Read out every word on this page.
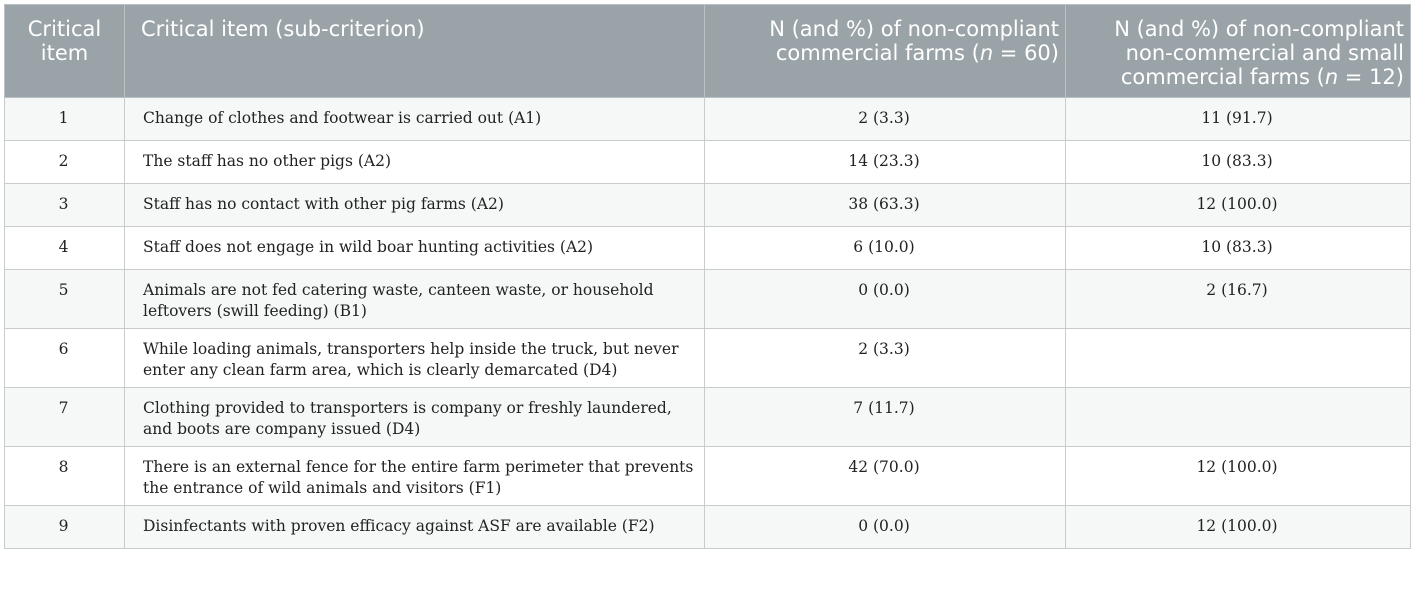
Critical item	Critical item (sub-criterion)	N (and %) of non-compliant commercial farms (n = 60)	N (and %) of non-compliant non-commercial and small commercial farms (n = 12)
1	Change of clothes and footwear is carried out (A1)	2 (3.3)	11 (91.7)
2	The staff has no other pigs (A2)	14 (23.3)	10 (83.3)
3	Staff has no contact with other pig farms (A2)	38 (63.3)	12 (100.0)
4	Staff does not engage in wild boar hunting activities (A2)	6 (10.0)	10 (83.3)
5	Animals are not fed catering waste, canteen waste, or household leftovers (swill feeding) (B1)	0 (0.0)	2 (16.7)
6	While loading animals, transporters help inside the truck, but never enter any clean farm area, which is clearly demarcated (D4)	2 (3.3)	
7	Clothing provided to transporters is company or freshly laundered, and boots are company issued (D4)	7 (11.7)	
8	There is an external fence for the entire farm perimeter that prevents the entrance of wild animals and visitors (F1)	42 (70.0)	12 (100.0)
9	Disinfectants with proven efficacy against ASF are available (F2)	0 (0.0)	12 (100.0)
